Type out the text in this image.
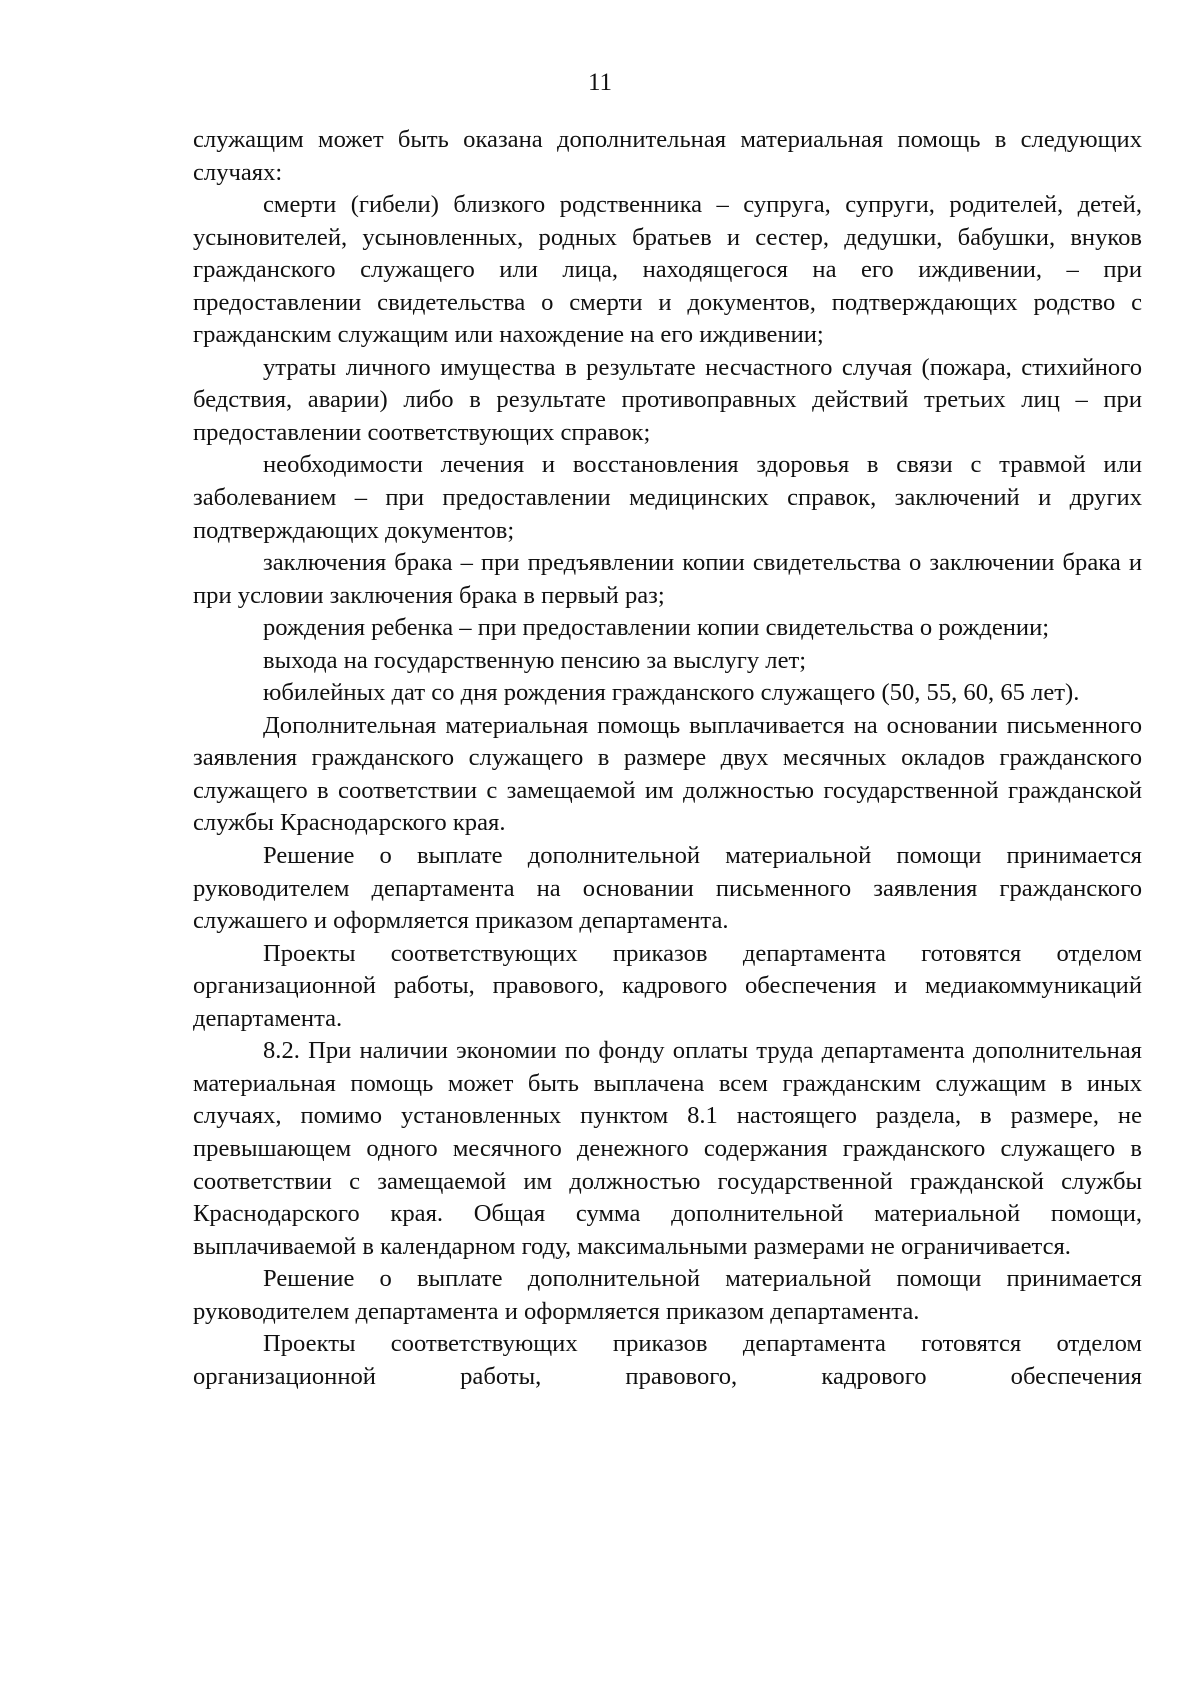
11

служащим может быть оказана дополнительная материальная помощь в следующих случаях:

смерти (гибели) близкого родственника – супруга, супруги, родителей, детей, усыновителей, усыновленных, родных братьев и сестер, дедушки, бабушки, внуков гражданского служащего или лица, находящегося на его иждивении, – при предоставлении свидетельства о смерти и документов, подтверждающих родство с гражданским служащим или нахождение на его иждивении;

утраты личного имущества в результате несчастного случая (пожара, стихийного бедствия, аварии) либо в результате противоправных действий третьих лиц – при предоставлении соответствующих справок;

необходимости лечения и восстановления здоровья в связи с травмой или заболеванием – при предоставлении медицинских справок, заключений и других подтверждающих документов;

заключения брака – при предъявлении копии свидетельства о заключении брака и при условии заключения брака в первый раз;

рождения ребенка – при предоставлении копии свидетельства о рождении;

выхода на государственную пенсию за выслугу лет;

юбилейных дат со дня рождения гражданского служащего (50, 55, 60, 65 лет).

Дополнительная материальная помощь выплачивается на основании письменного заявления гражданского служащего в размере двух месячных окладов гражданского служащего в соответствии с замещаемой им должностью государственной гражданской службы Краснодарского края.

Решение о выплате дополнительной материальной помощи принимается руководителем департамента на основании письменного заявления гражданского служашего и оформляется приказом департамента.

Проекты соответствующих приказов департамента готовятся отделом организационной работы, правового, кадрового обеспечения и медиакоммуникаций департамента.

8.2. При наличии экономии по фонду оплаты труда департамента дополнительная материальная помощь может быть выплачена всем гражданским служащим в иных случаях, помимо установленных пунктом 8.1 настоящего раздела, в размере, не превышающем одного месячного денежного содержания гражданского служащего в соответствии с замещаемой им должностью государственной гражданской службы Краснодарского края. Общая сумма дополнительной материальной помощи, выплачиваемой в календарном году, максимальными размерами не ограничивается.

Решение о выплате дополнительной материальной помощи принимается руководителем департамента и оформляется приказом департамента.

Проекты соответствующих приказов департамента готовятся отделом организационной работы, правового, кадрового обеспечения
